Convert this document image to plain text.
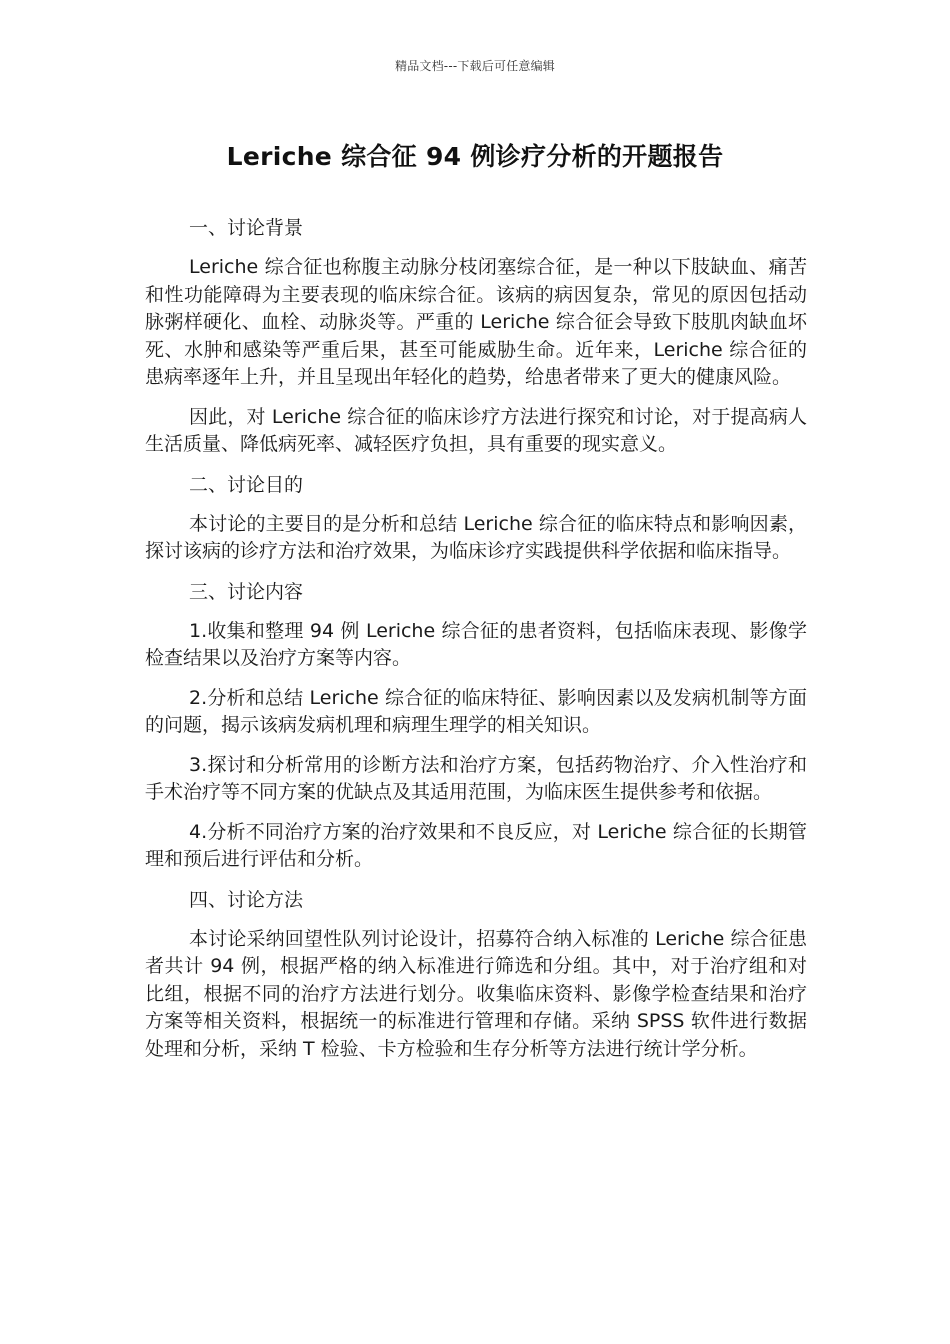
精品文档---下载后可任意编辑
Leriche 综合征 94 例诊疗分析的开题报告

一、讨论背景

Leriche 综合征也称腹主动脉分枝闭塞综合征，是一种以下肢缺血、痛苦和性功能障碍为主要表现的临床综合征。该病的病因复杂，常见的原因包括动脉粥样硬化、血栓、动脉炎等。严重的 Leriche 综合征会导致下肢肌肉缺血坏死、水肿和感染等严重后果，甚至可能威胁生命。近年来，Leriche 综合征的患病率逐年上升，并且呈现出年轻化的趋势，给患者带来了更大的健康风险。

因此，对 Leriche 综合征的临床诊疗方法进行探究和讨论，对于提高病人生活质量、降低病死率、减轻医疗负担，具有重要的现实意义。

二、讨论目的

本讨论的主要目的是分析和总结 Leriche 综合征的临床特点和影响因素，探讨该病的诊疗方法和治疗效果，为临床诊疗实践提供科学依据和临床指导。

三、讨论内容

1.收集和整理 94 例 Leriche 综合征的患者资料，包括临床表现、影像学检查结果以及治疗方案等内容。

2.分析和总结 Leriche 综合征的临床特征、影响因素以及发病机制等方面的问题，揭示该病发病机理和病理生理学的相关知识。

3.探讨和分析常用的诊断方法和治疗方案，包括药物治疗、介入性治疗和手术治疗等不同方案的优缺点及其适用范围，为临床医生提供参考和依据。

4.分析不同治疗方案的治疗效果和不良反应，对 Leriche 综合征的长期管理和预后进行评估和分析。

四、讨论方法

本讨论采纳回望性队列讨论设计，招募符合纳入标准的 Leriche 综合征患者共计 94 例，根据严格的纳入标准进行筛选和分组。其中，对于治疗组和对比组，根据不同的治疗方法进行划分。收集临床资料、影像学检查结果和治疗方案等相关资料，根据统一的标准进行管理和存储。采纳 SPSS 软件进行数据处理和分析，采纳 T 检验、卡方检验和生存分析等方法进行统计学分析。
